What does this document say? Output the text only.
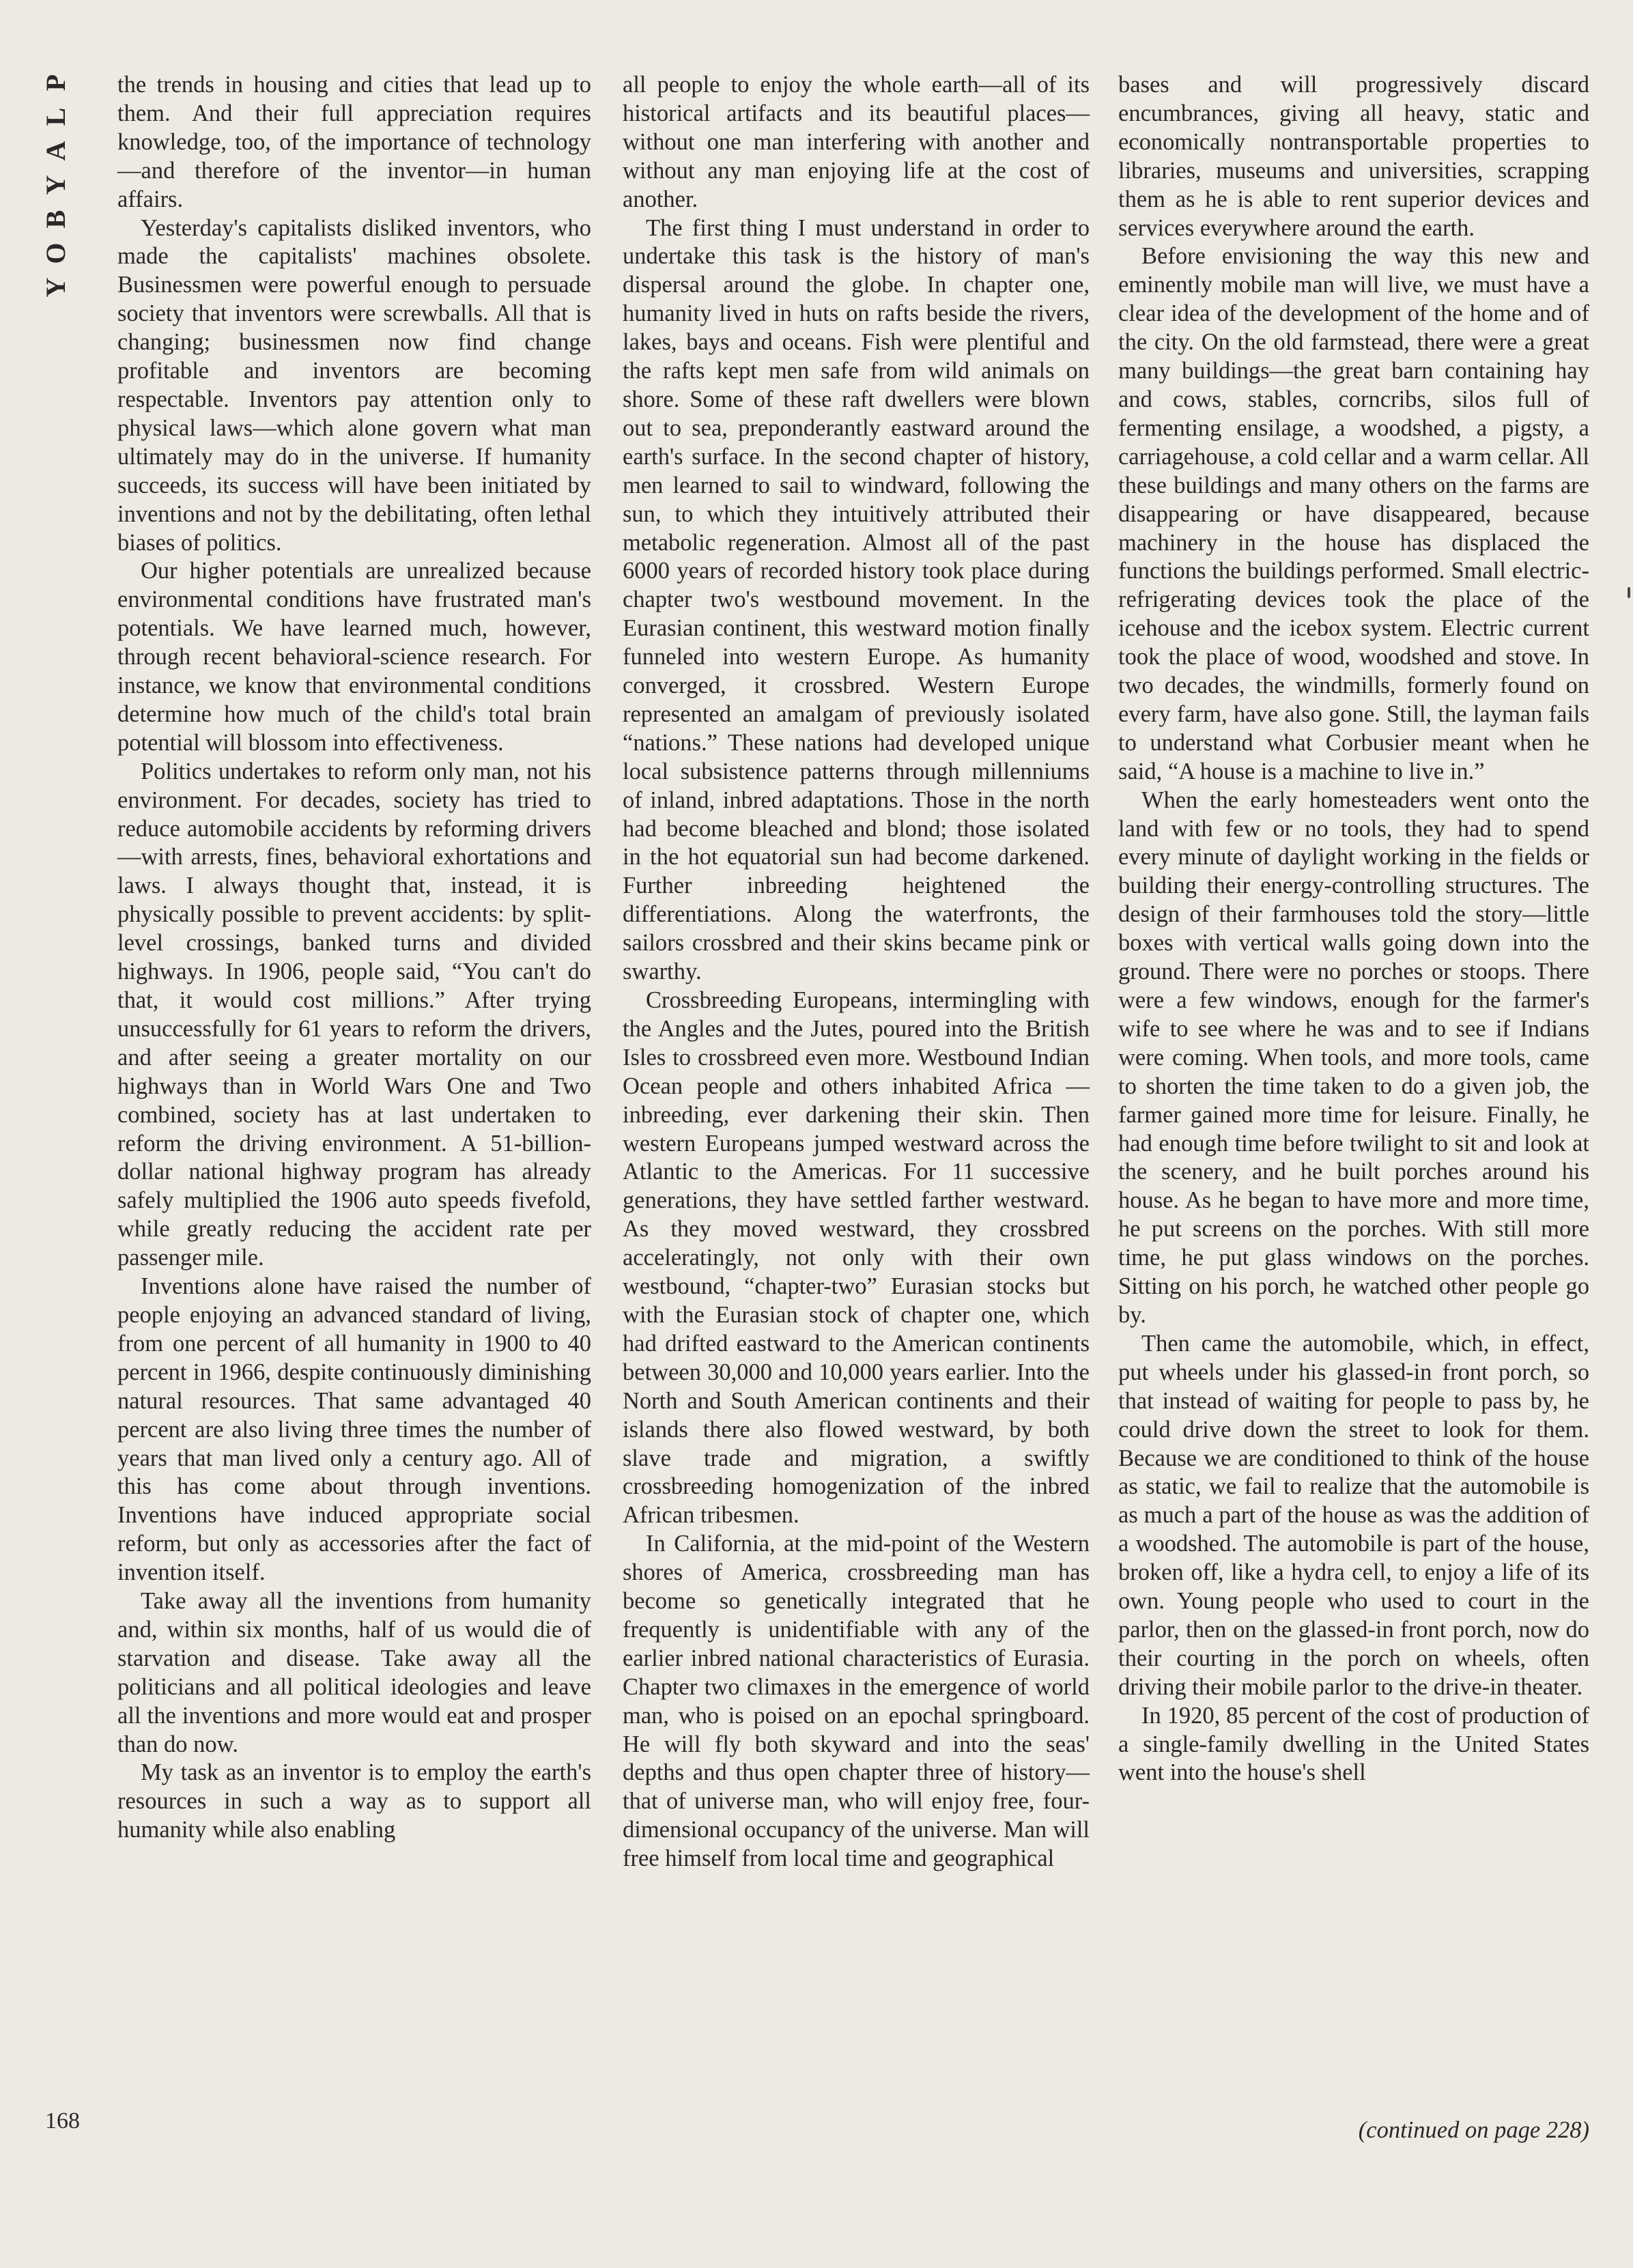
P
L
A
Y
B
O
Y
168

the trends in housing and cities that lead up to them. And their full appreciation requires knowledge, too, of the importance of technology—and therefore of the inventor—in human affairs.

Yesterday's capitalists disliked inventors, who made the capitalists' machines obsolete. Businessmen were powerful enough to persuade society that inventors were screwballs. All that is changing; businessmen now find change profitable and inventors are becoming respectable. Inventors pay attention only to physical laws—which alone govern what man ultimately may do in the universe. If humanity succeeds, its success will have been initiated by inventions and not by the debilitating, often lethal biases of politics.

Our higher potentials are unrealized because environmental conditions have frustrated man's potentials. We have learned much, however, through recent behavioral-science research. For instance, we know that environmental conditions determine how much of the child's total brain potential will blossom into effectiveness.

Politics undertakes to reform only man, not his environment. For decades, society has tried to reduce automobile accidents by reforming drivers—with arrests, fines, behavioral exhortations and laws. I always thought that, instead, it is physically possible to prevent accidents: by split-level crossings, banked turns and divided highways. In 1906, people said, “You can't do that, it would cost millions.” After trying unsuccessfully for 61 years to reform the drivers, and after seeing a greater mortality on our highways than in World Wars One and Two combined, society has at last undertaken to reform the driving environment. A 51-billion-dollar national highway program has already safely multiplied the 1906 auto speeds fivefold, while greatly reducing the accident rate per passenger mile.

Inventions alone have raised the number of people enjoying an advanced standard of living, from one percent of all humanity in 1900 to 40 percent in 1966, despite continuously diminishing natural resources. That same advantaged 40 percent are also living three times the number of years that man lived only a century ago. All of this has come about through inventions. Inventions have induced appropriate social reform, but only as accessories after the fact of invention itself.

Take away all the inventions from humanity and, within six months, half of us would die of starvation and disease. Take away all the politicians and all political ideologies and leave all the inventions and more would eat and prosper than do now.

My task as an inventor is to employ the earth's resources in such a way as to support all humanity while also enabling

all people to enjoy the whole earth—all of its historical artifacts and its beautiful places—without one man interfering with another and without any man enjoying life at the cost of another.

The first thing I must understand in order to undertake this task is the history of man's dispersal around the globe. In chapter one, humanity lived in huts on rafts beside the rivers, lakes, bays and oceans. Fish were plentiful and the rafts kept men safe from wild animals on shore. Some of these raft dwellers were blown out to sea, preponderantly eastward around the earth's surface. In the second chapter of history, men learned to sail to windward, following the sun, to which they intuitively attributed their metabolic regeneration. Almost all of the past 6000 years of recorded history took place during chapter two's westbound movement. In the Eurasian continent, this westward motion finally funneled into western Europe. As humanity converged, it crossbred. Western Europe represented an amalgam of previously isolated “nations.” These nations had developed unique local subsistence patterns through millenniums of inland, inbred adaptations. Those in the north had become bleached and blond; those isolated in the hot equatorial sun had become darkened. Further inbreeding heightened the differentiations. Along the waterfronts, the sailors crossbred and their skins became pink or swarthy.

Crossbreeding Europeans, intermingling with the Angles and the Jutes, poured into the British Isles to crossbreed even more. Westbound Indian Ocean people and others inhabited Africa —inbreeding, ever darkening their skin. Then western Europeans jumped westward across the Atlantic to the Americas. For 11 successive generations, they have settled farther westward. As they moved westward, they crossbred acceleratingly, not only with their own westbound, “chapter-two” Eurasian stocks but with the Eurasian stock of chapter one, which had drifted eastward to the American continents between 30,000 and 10,000 years earlier. Into the North and South American continents and their islands there also flowed westward, by both slave trade and migration, a swiftly crossbreeding homogenization of the inbred African tribesmen.

In California, at the mid-point of the Western shores of America, crossbreeding man has become so genetically integrated that he frequently is unidentifiable with any of the earlier inbred national characteristics of Eurasia. Chapter two climaxes in the emergence of world man, who is poised on an epochal springboard. He will fly both skyward and into the seas' depths and thus open chapter three of history—that of universe man, who will enjoy free, four-dimensional occupancy of the universe. Man will free himself from local time and geographical

bases and will progressively discard encumbrances, giving all heavy, static and economically nontransportable properties to libraries, museums and universities, scrapping them as he is able to rent superior devices and services everywhere around the earth.

Before envisioning the way this new and eminently mobile man will live, we must have a clear idea of the development of the home and of the city. On the old farmstead, there were a great many buildings—the great barn containing hay and cows, stables, corncribs, silos full of fermenting ensilage, a woodshed, a pigsty, a carriagehouse, a cold cellar and a warm cellar. All these buildings and many others on the farms are disappearing or have disappeared, because machinery in the house has displaced the functions the buildings performed. Small electric-refrigerating devices took the place of the icehouse and the icebox system. Electric current took the place of wood, woodshed and stove. In two decades, the windmills, formerly found on every farm, have also gone. Still, the layman fails to understand what Corbusier meant when he said, “A house is a machine to live in.”

When the early homesteaders went onto the land with few or no tools, they had to spend every minute of daylight working in the fields or building their energy-controlling structures. The design of their farmhouses told the story—little boxes with vertical walls going down into the ground. There were no porches or stoops. There were a few windows, enough for the farmer's wife to see where he was and to see if Indians were coming. When tools, and more tools, came to shorten the time taken to do a given job, the farmer gained more time for leisure. Finally, he had enough time before twilight to sit and look at the scenery, and he built porches around his house. As he began to have more and more time, he put screens on the porches. With still more time, he put glass windows on the porches. Sitting on his porch, he watched other people go by.

Then came the automobile, which, in effect, put wheels under his glassed-in front porch, so that instead of waiting for people to pass by, he could drive down the street to look for them. Because we are conditioned to think of the house as static, we fail to realize that the automobile is as much a part of the house as was the addition of a woodshed. The automobile is part of the house, broken off, like a hydra cell, to enjoy a life of its own. Young people who used to court in the parlor, then on the glassed-in front porch, now do their courting in the porch on wheels, often driving their mobile parlor to the drive-in theater.

In 1920, 85 percent of the cost of production of a single-family dwelling in the United States went into the house's shell

(continued on page 228)
